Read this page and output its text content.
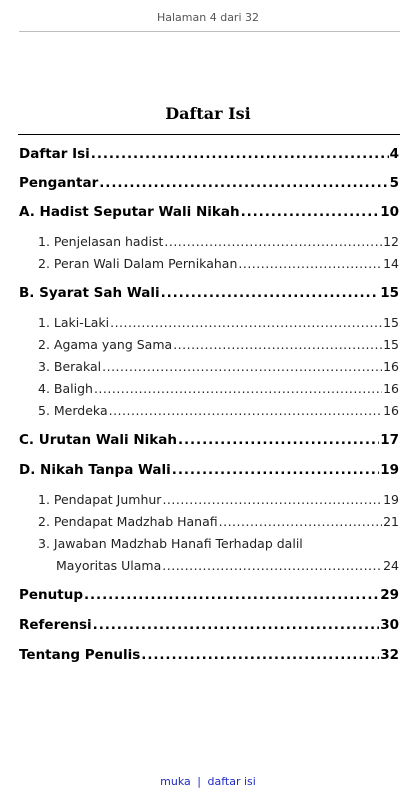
Halaman 4 dari 32
Daftar Isi
Daftar Isi .....	4
Pengantar .....	5
A. Hadist Seputar Wali Nikah .....	10
1. Penjelasan hadist .....	12
2. Peran Wali Dalam Pernikahan .....	14
B. Syarat Sah Wali .....	15
1. Laki-Laki .....	15
2. Agama yang Sama .....	15
3. Berakal .....	16
4. Baligh .....	16
5. Merdeka .....	16
C. Urutan Wali Nikah .....	17
D. Nikah Tanpa Wali .....	19
1. Pendapat Jumhur .....	19
2. Pendapat Madzhab Hanafi .....	21
3. Jawaban Madzhab Hanafi Terhadap dalil
Mayoritas Ulama .....	24
Penutup .....	29
Referensi .....	30
Tentang Penulis .....	32
muka | daftar isi
